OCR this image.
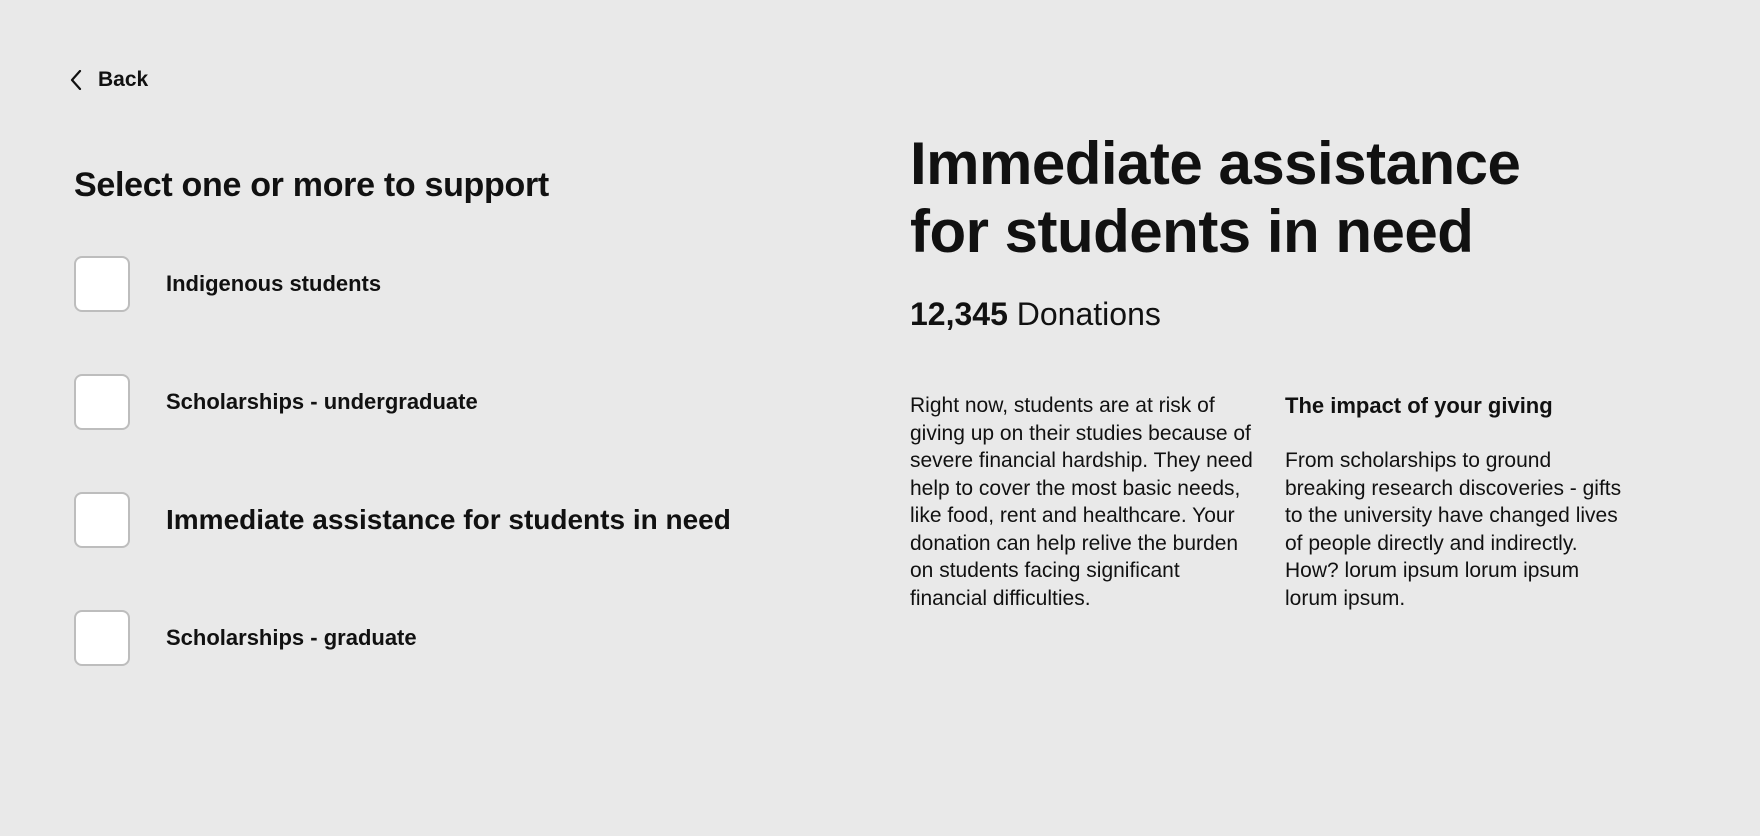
Back
Select one or more to support
Indigenous students
Scholarships - undergraduate
Immediate assistance for students in need
Scholarships - graduate
Immediate assistance
for students in need
12,345 Donations

Right now, students are at risk of giving up on their studies because of severe financial hardship. They need help to cover the most basic needs, like food, rent and healthcare. Your donation can help relive the burden on students facing significant financial difficulties.

The impact of your giving

From scholarships to ground breaking research discoveries - gifts to the university have changed lives of people directly and indirectly. How? lorum ipsum lorum ipsum lorum ipsum.
